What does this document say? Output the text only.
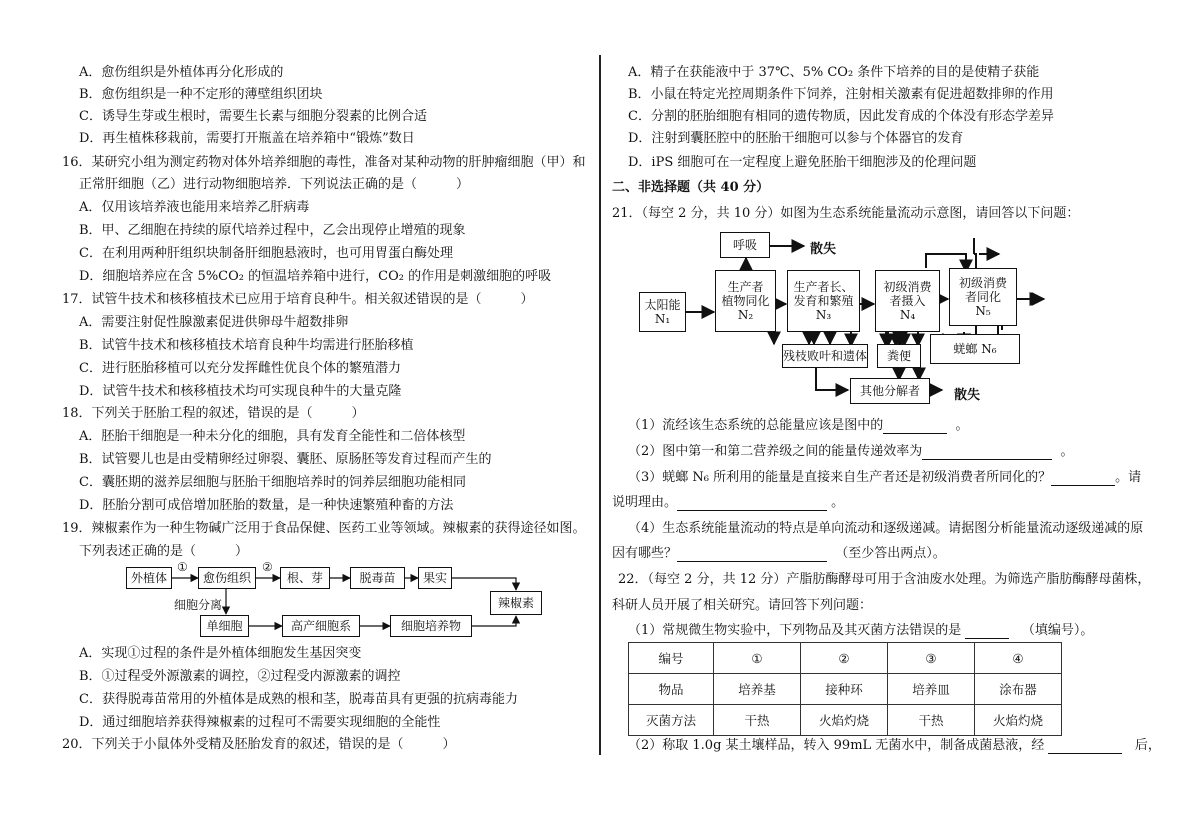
A．愈伤组织是外植体再分化形成的
B．愈伤组织是一种不定形的薄壁组织团块
C．诱导生芽或生根时，需要生长素与细胞分裂素的比例合适
D．再生植株移栽前，需要打开瓶盖在培养箱中“锻炼”数日
16．某研究小组为测定药物对体外培养细胞的毒性，准备对某种动物的肝肿瘤细胞（甲）和
正常肝细胞（乙）进行动物细胞培养．下列说法正确的是（　　　）
A．仅用该培养液也能用来培养乙肝病毒
B．甲、乙细胞在持续的原代培养过程中，乙会出现停止增殖的现象
C．在利用两种肝组织块制备肝细胞悬液时，也可用胃蛋白酶处理
D．细胞培养应在含 5%CO₂ 的恒温培养箱中进行，CO₂ 的作用是刺激细胞的呼吸
17．试管牛技术和核移植技术已应用于培育良种牛。相关叙述错误的是（　　　）
A．需要注射促性腺激素促进供卵母牛超数排卵
B．试管牛技术和核移植技术培育良种牛均需进行胚胎移植
C．进行胚胎移植可以充分发挥雌性优良个体的繁殖潜力
D．试管牛技术和核移植技术均可实现良种牛的大量克隆
18．下列关于胚胎工程的叙述，错误的是（　　　）
A．胚胎干细胞是一种未分化的细胞，具有发育全能性和二倍体核型
B．试管婴儿也是由受精卵经过卵裂、囊胚、原肠胚等发育过程而产生的
C．囊胚期的滋养层细胞与胚胎干细胞培养时的饲养层细胞功能相同
D．胚胎分割可成倍增加胚胎的数量，是一种快速繁殖种畜的方法
19．辣椒素作为一种生物碱广泛用于食品保健、医药工业等领域。辣椒素的获得途径如图。
下列表述正确的是（　　　）
外植体
①
愈伤组织
②
根、芽	脱毒苗	果实
细胞分离
单细胞	高产细胞系	细胞培养物
辣椒素
A．实现①过程的条件是外植体细胞发生基因突变
B．①过程受外源激素的调控，②过程受内源激素的调控
C．获得脱毒苗常用的外植体是成熟的根和茎，脱毒苗具有更强的抗病毒能力
D．通过细胞培养获得辣椒素的过程可不需要实现细胞的全能性
20．下列关于小鼠体外受精及胚胎发育的叙述，错误的是（　　　）
A．精子在获能液中于 37℃、5% CO₂ 条件下培养的目的是使精子获能
B．小鼠在特定光控周期条件下饲养，注射相关激素有促进超数排卵的作用
C．分割的胚胎细胞有相同的遗传物质，因此发育成的个体没有形态学差异
D．注射到囊胚腔中的胚胎干细胞可以参与个体器官的发育
D．iPS 细胞可在一定程度上避免胚胎干细胞涉及的伦理问题
二、非选择题（共 40 分）
21．（每空 2 分，共 10 分）如图为生态系统能量流动示意图，请回答以下问题：
呼吸	散失
太阳能
N₁
生产者
植物同化
N₂
生产者长、
发育和繁殖
N₃
初级消费
者摄入
N₄
初级消费
者同化
N₅
残枝败叶和遗体	粪便	蜣螂 N₆
其他分解者	散失
（1）流经该生态系统的总能量应该是图中的	。
（2）图中第一和第二营养级之间的能量传递效率为	。
（3）蜣螂 N₆ 所利用的能量是直接来自生产者还是初级消费者所同化的？	。请
说明理由。	。
（4）生态系统能量流动的特点是单向流动和逐级递减。请据图分析能量流动逐级递减的原
因有哪些？	（至少答出两点）。
22．（每空 2 分，共 12 分）产脂肪酶酵母可用于含油废水处理。为筛选产脂肪酶酵母菌株，
科研人员开展了相关研究。请回答下列问题：
（1）常规微生物实验中，下列物品及其灭菌方法错误的是	（填编号）。
编号	①	②	③	④
物品	培养基	接种环	培养皿	涂布器
灭菌方法	干热	火焰灼烧	干热	火焰灼烧
（2）称取 1.0g 某土壤样品，转入 99mL 无菌水中，制备成菌悬液，经	后，
